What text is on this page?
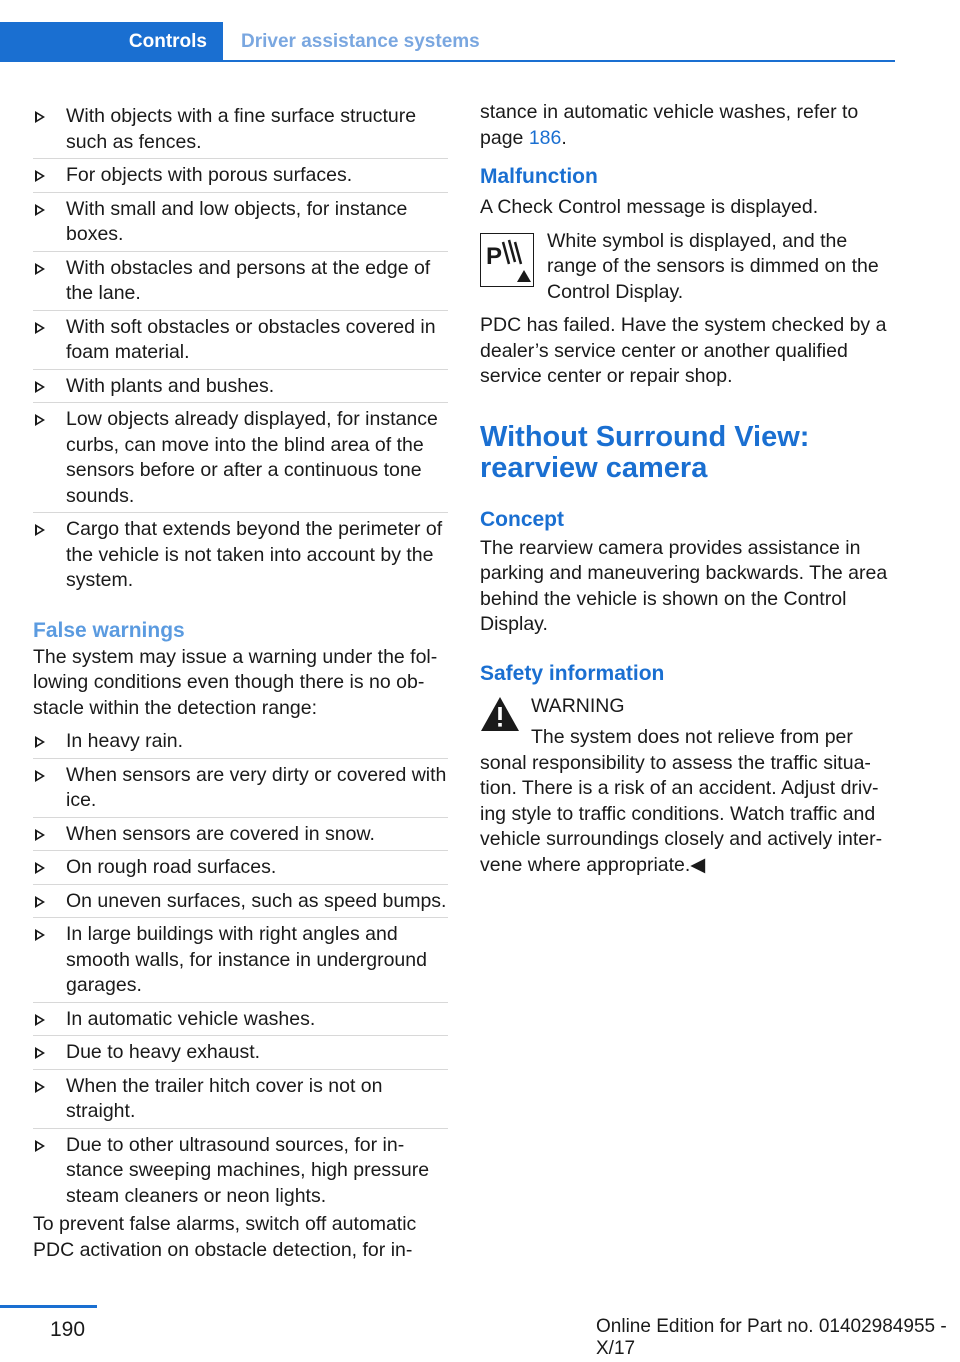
Controls Driver assistance systems
With objects with a fine surface structure such as fences.
For objects with porous surfaces.
With small and low objects, for instance boxes.
With obstacles and persons at the edge of the lane.
With soft obstacles or obstacles covered in foam material.
With plants and bushes.
Low objects already displayed, for instance curbs, can move into the blind area of the sensors before or after a continuous tone sounds.
Cargo that extends beyond the perimeter of the vehicle is not taken into account by the system.

False warnings

The system may issue a warning under the following conditions even though there is no obstacle within the detection range:

In heavy rain.
When sensors are very dirty or covered with ice.
When sensors are covered in snow.
On rough road surfaces.
On uneven surfaces, such as speed bumps.
In large buildings with right angles and smooth walls, for instance in underground garages.
In automatic vehicle washes.
Due to heavy exhaust.
When the trailer hitch cover is not on straight.
Due to other ultrasound sources, for instance sweeping machines, high pressure steam cleaners or neon lights.

To prevent false alarms, switch off automatic PDC activation on obstacle detection, for in-

stance in automatic vehicle washes, refer to page 186.

Malfunction

A Check Control message is displayed.

P

White symbol is displayed, and the range of the sensors is dimmed on the Control Display.

PDC has failed. Have the system checked by a dealer’s service center or another qualified service center or repair shop.

Without Surround View: rearview camera

Concept

The rearview camera provides assistance in parking and maneuvering backwards. The area behind the vehicle is shown on the Control Display.

Safety information

WARNING

The system does not relieve from per

sonal responsibility to assess the traffic situation. There is a risk of an accident. Adjust driving style to traffic conditions. Watch traffic and vehicle surroundings closely and actively intervene where appropriate.◀

190	Online Edition for Part no. 01402984955 - X/17
